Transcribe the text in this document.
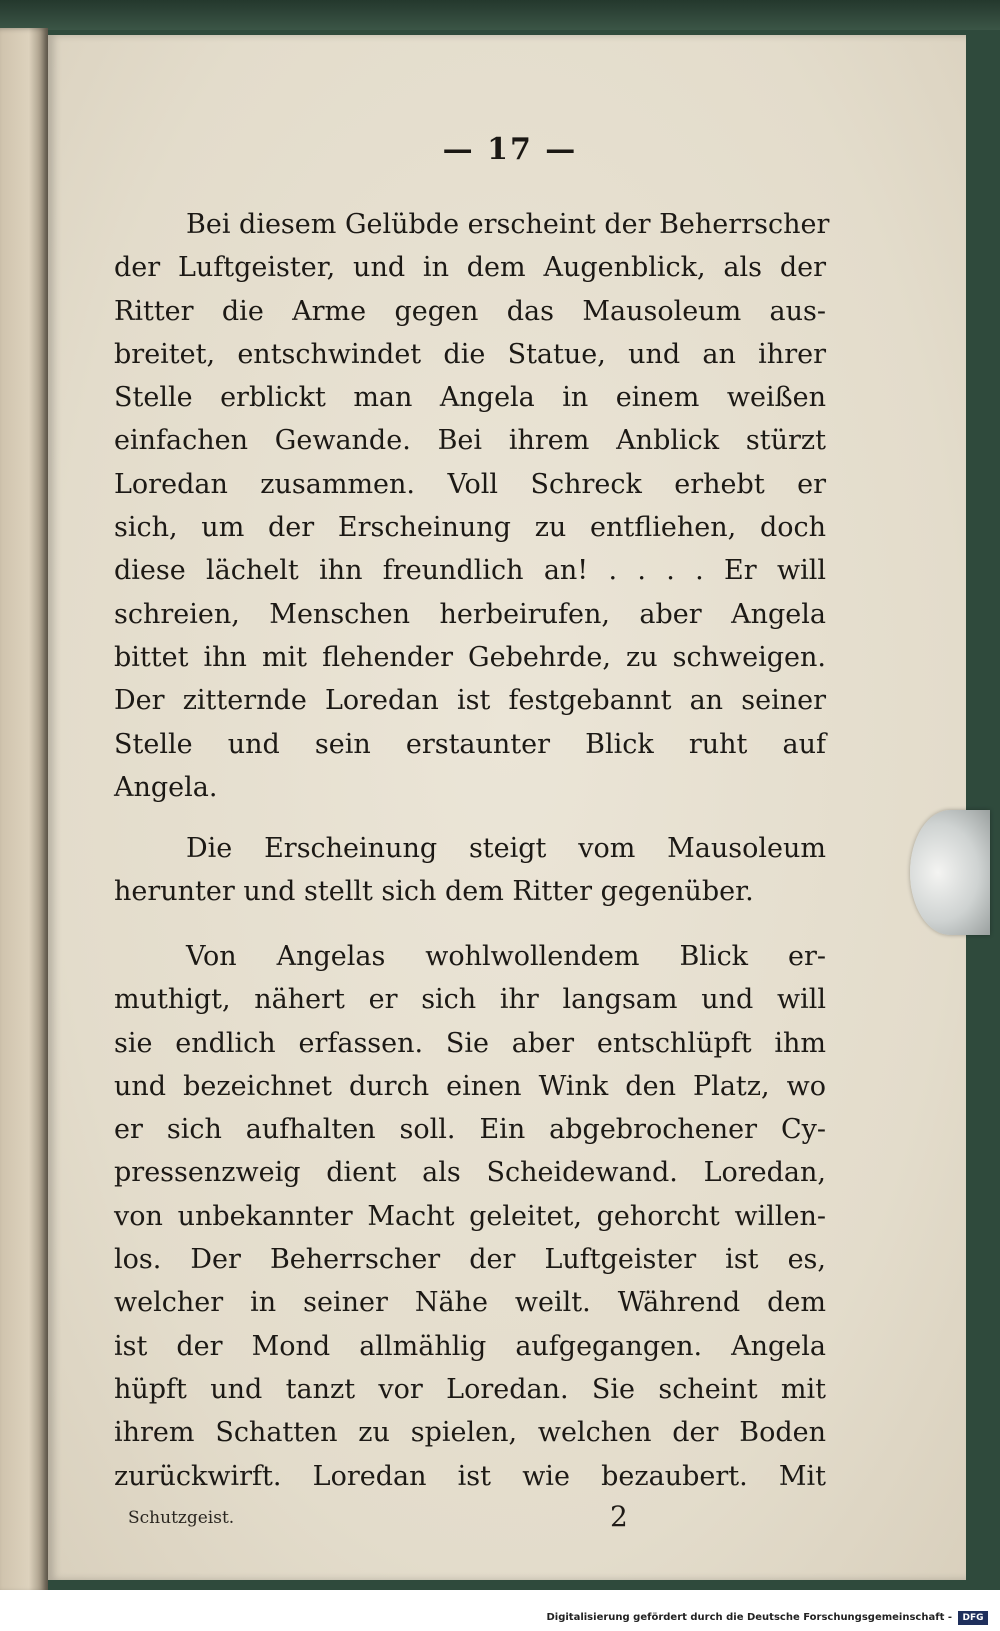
— 17 —
Bei diesem Gelübde erscheint der Beherrscher
der Luftgeister, und in dem Augenblick, als der
Ritter die Arme gegen das Mausoleum aus-
breitet, entschwindet die Statue, und an ihrer
Stelle erblickt man Angela in einem weißen
einfachen Gewande. Bei ihrem Anblick stürzt
Loredan zusammen. Voll Schreck erhebt er
sich, um der Erscheinung zu entfliehen, doch
diese lächelt ihn freundlich an! . . . . Er will
schreien, Menschen herbeirufen, aber Angela
bittet ihn mit flehender Gebehrde, zu schweigen.
Der zitternde Loredan ist festgebannt an seiner
Stelle und sein erstaunter Blick ruht auf
Angela.
Die Erscheinung steigt vom Mausoleum
herunter und stellt sich dem Ritter gegenüber.
Von Angelas wohlwollendem Blick er-
muthigt, nähert er sich ihr langsam und will
sie endlich erfassen. Sie aber entschlüpft ihm
und bezeichnet durch einen Wink den Platz, wo
er sich aufhalten soll. Ein abgebrochener Cy-
pressenzweig dient als Scheidewand. Loredan,
von unbekannter Macht geleitet, gehorcht willen-
los. Der Beherrscher der Luftgeister ist es,
welcher in seiner Nähe weilt. Während dem
ist der Mond allmählig aufgegangen. Angela
hüpft und tanzt vor Loredan. Sie scheint mit
ihrem Schatten zu spielen, welchen der Boden
zurückwirft. Loredan ist wie bezaubert. Mit
Schutzgeist.	2
Digitalisierung gefördert durch die Deutsche Forschungsgemeinschaft -	DFG
